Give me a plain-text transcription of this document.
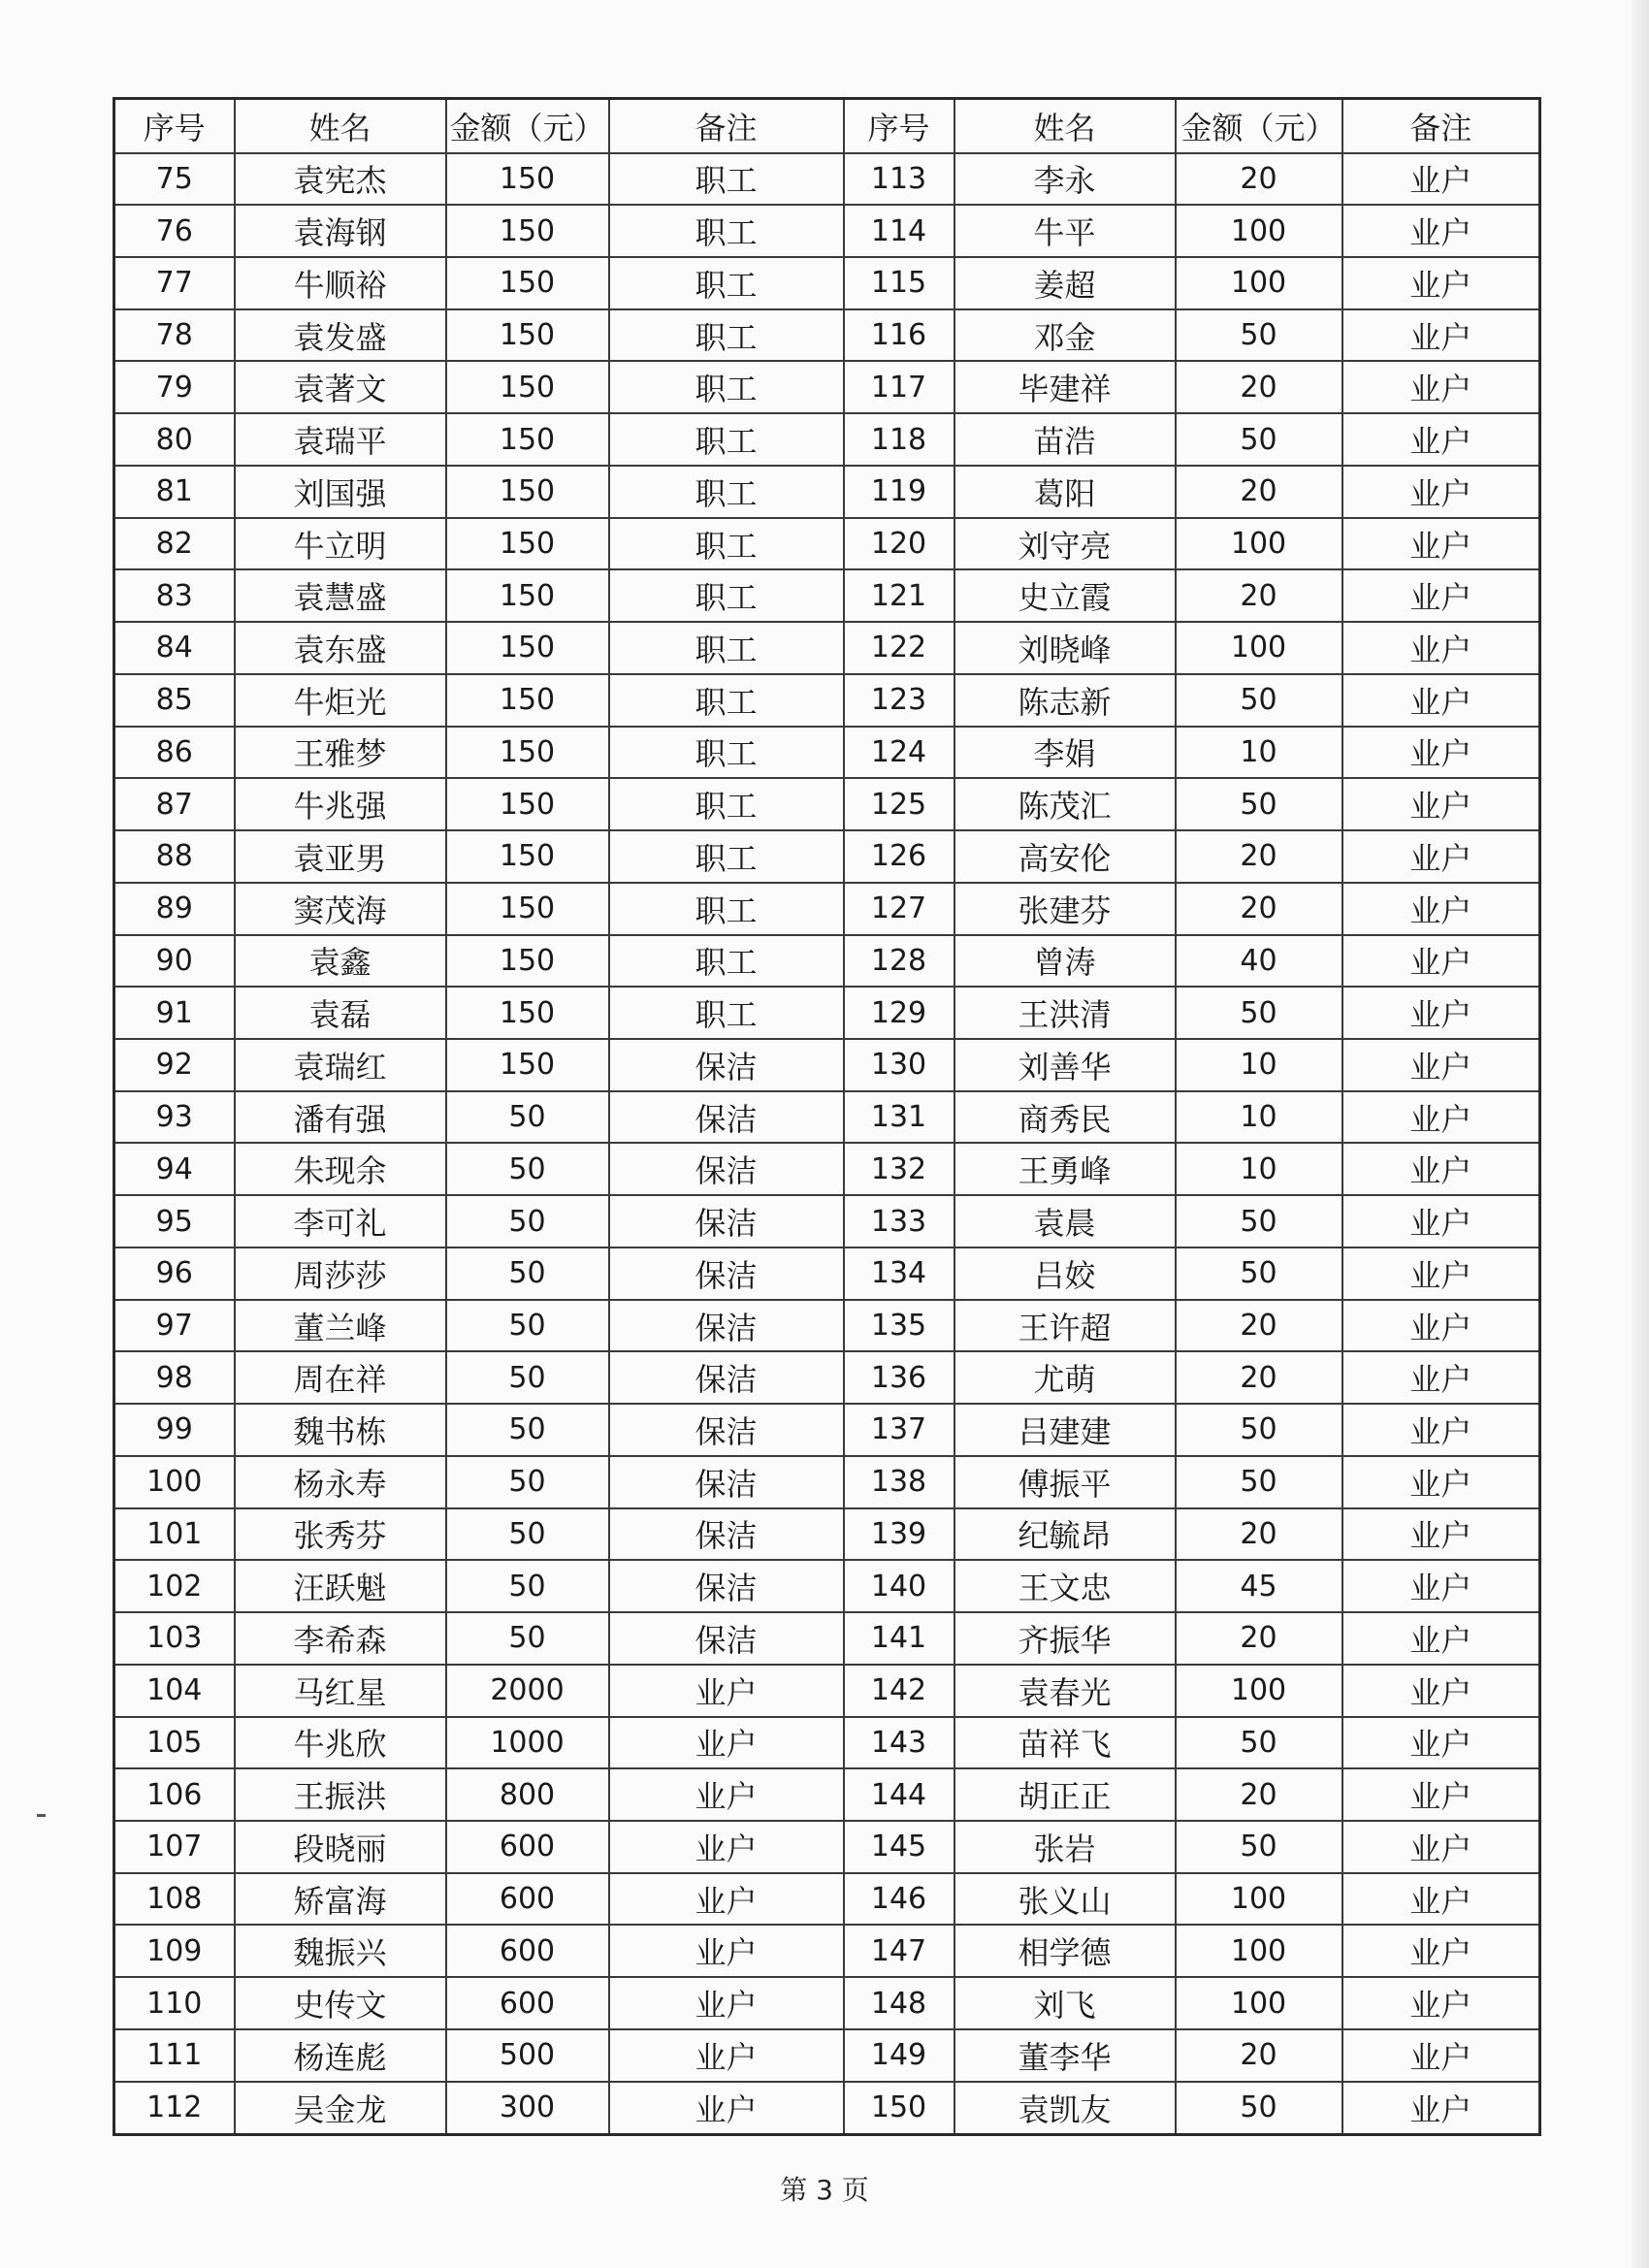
序号	姓名	金额（元）	备注	序号	姓名	金额（元）	备注
75	袁宪杰	150	职工	113	李永	20	业户
76	袁海钢	150	职工	114	牛平	100	业户
77	牛顺裕	150	职工	115	姜超	100	业户
78	袁发盛	150	职工	116	邓金	50	业户
79	袁著文	150	职工	117	毕建祥	20	业户
80	袁瑞平	150	职工	118	苗浩	50	业户
81	刘国强	150	职工	119	葛阳	20	业户
82	牛立明	150	职工	120	刘守亮	100	业户
83	袁慧盛	150	职工	121	史立霞	20	业户
84	袁东盛	150	职工	122	刘晓峰	100	业户
85	牛炬光	150	职工	123	陈志新	50	业户
86	王雅梦	150	职工	124	李娟	10	业户
87	牛兆强	150	职工	125	陈茂汇	50	业户
88	袁亚男	150	职工	126	高安伦	20	业户
89	窦茂海	150	职工	127	张建芬	20	业户
90	袁鑫	150	职工	128	曾涛	40	业户
91	袁磊	150	职工	129	王洪清	50	业户
92	袁瑞红	150	保洁	130	刘善华	10	业户
93	潘有强	50	保洁	131	商秀民	10	业户
94	朱现余	50	保洁	132	王勇峰	10	业户
95	李可礼	50	保洁	133	袁晨	50	业户
96	周莎莎	50	保洁	134	吕姣	50	业户
97	董兰峰	50	保洁	135	王许超	20	业户
98	周在祥	50	保洁	136	尤萌	20	业户
99	魏书栋	50	保洁	137	吕建建	50	业户
100	杨永寿	50	保洁	138	傅振平	50	业户
101	张秀芬	50	保洁	139	纪毓昂	20	业户
102	汪跃魁	50	保洁	140	王文忠	45	业户
103	李希森	50	保洁	141	齐振华	20	业户
104	马红星	2000	业户	142	袁春光	100	业户
105	牛兆欣	1000	业户	143	苗祥飞	50	业户
106	王振洪	800	业户	144	胡正正	20	业户
107	段晓丽	600	业户	145	张岩	50	业户
108	矫富海	600	业户	146	张义山	100	业户
109	魏振兴	600	业户	147	相学德	100	业户
110	史传文	600	业户	148	刘飞	100	业户
111	杨连彪	500	业户	149	董李华	20	业户
112	吴金龙	300	业户	150	袁凯友	50	业户
第 3 页
